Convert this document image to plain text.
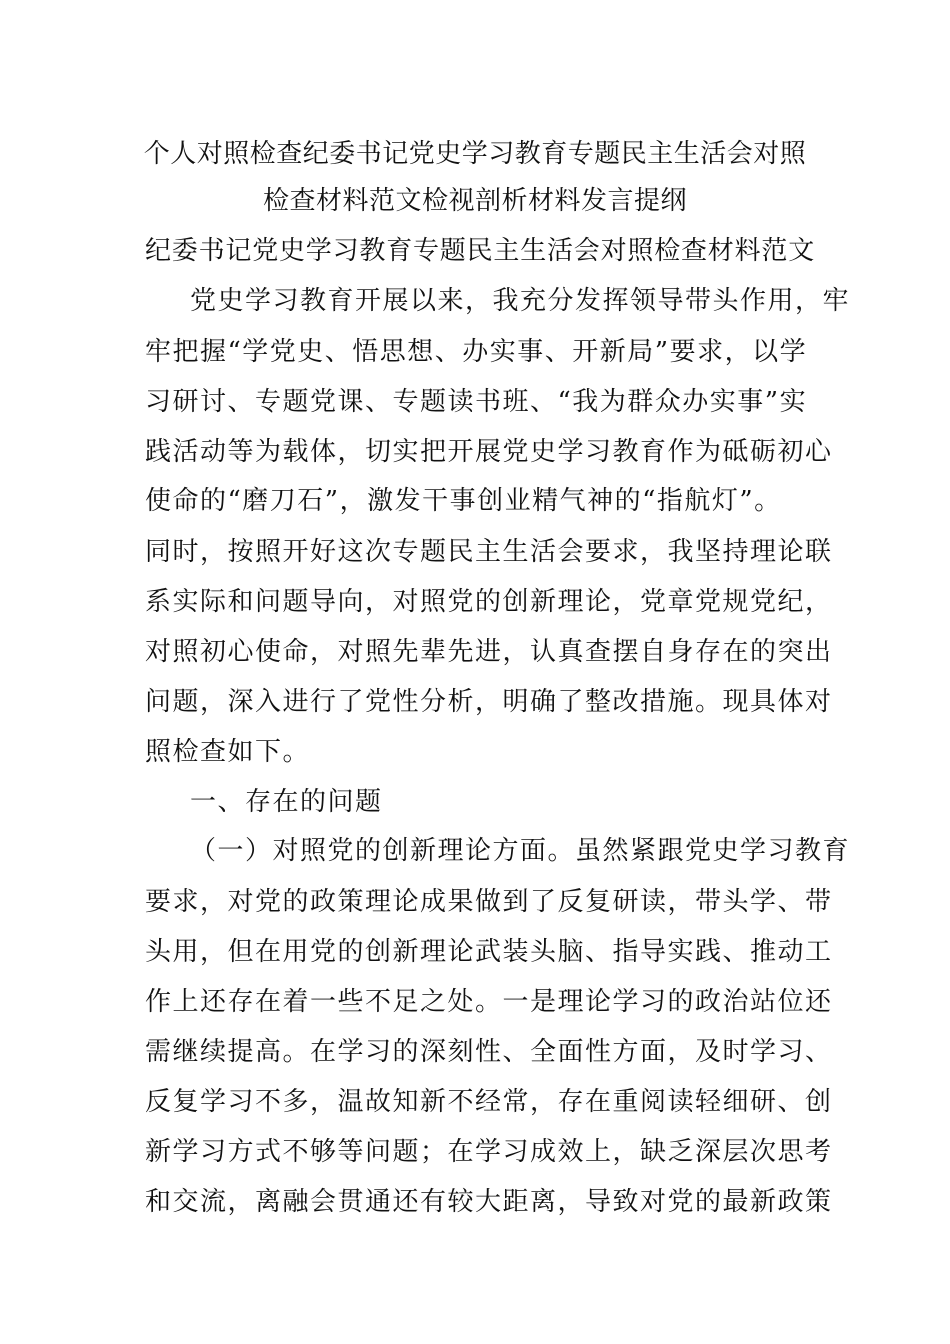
个人对照检查纪委书记党史学习教育专题民主生活会对照
检查材料范文检视剖析材料发言提纲
纪委书记党史学习教育专题民主生活会对照检查材料范文
党史学习教育开展以来，我充分发挥领导带头作用，牢
牢把握“学党史、悟思想、办实事、开新局”要求，以学
习研讨、专题党课、专题读书班、“我为群众办实事”实
践活动等为载体，切实把开展党史学习教育作为砥砺初心
使命的“磨刀石”，激发干事创业精气神的“指航灯”。
同时，按照开好这次专题民主生活会要求，我坚持理论联
系实际和问题导向，对照党的创新理论，党章党规党纪，
对照初心使命，对照先辈先进，认真查摆自身存在的突出
问题，深入进行了党性分析，明确了整改措施。现具体对
照检查如下。
一、存在的问题
（一）对照党的创新理论方面。虽然紧跟党史学习教育
要求，对党的政策理论成果做到了反复研读，带头学、带
头用，但在用党的创新理论武装头脑、指导实践、推动工
作上还存在着一些不足之处。一是理论学习的政治站位还
需继续提高。在学习的深刻性、全面性方面，及时学习、
反复学习不多，温故知新不经常，存在重阅读轻细研、创
新学习方式不够等问题；在学习成效上，缺乏深层次思考
和交流，离融会贯通还有较大距离，导致对党的最新政策
